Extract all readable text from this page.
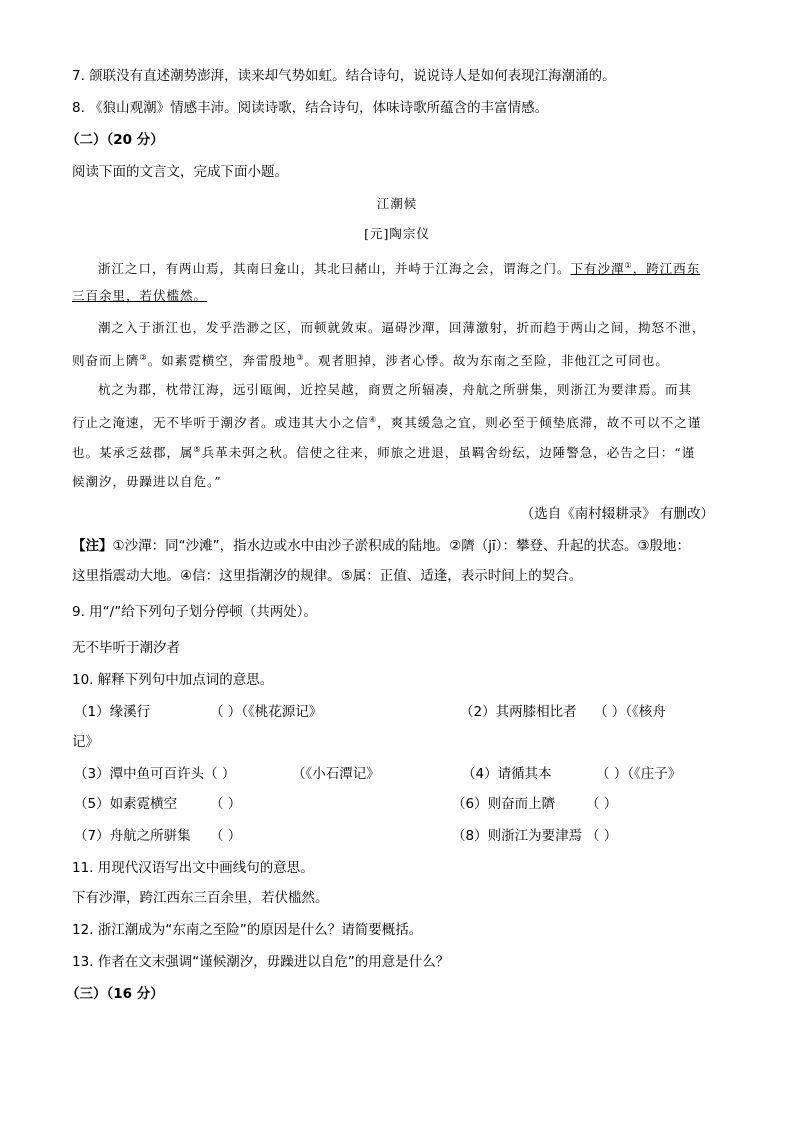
7. 颌联没有直述潮势澎湃，读来却气势如虹。结合诗句，说说诗人是如何表现江海潮涌的。
8. 《狼山观潮》情感丰沛。阅读诗歌，结合诗句，体味诗歌所蕴含的丰富情感。
（二）（20 分）
阅读下面的文言文，完成下面小题。
江潮候
[元]陶宗仪
浙江之口，有两山焉，其南曰龛山，其北曰赭山，并峙于江海之会，谓海之门。下有沙潬①，跨江西东
三百余里，若伏槛然。
潮之入于浙江也，发乎浩渺之区，而顿就敛束。逼碍沙潬，回薄激射，折而趋于两山之间，拗怒不泄，
则奋而上隮②。如素霓横空，奔雷殷地③。观者胆掉，涉者心悸。故为东南之至险，非他江之可同也。
杭之为郡，枕带江海，远引瓯闽，近控吴越，商贾之所辐凑，舟航之所骈集，则浙江为要津焉。而其
行止之淹速，无不毕听于潮汐者。或违其大小之信④，爽其缓急之宜，则必至于倾垫底滞，故不可以不之谨
也。某承乏兹郡，属⑤兵革未弭之秋。信使之往来，师旅之进退，虽羁舍纷纭，边陲警急，必告之曰：“谨
候潮汐，毋躁进以自危。”
（选自《南村辍耕录》 有删改）
【注】①沙潬：同“沙滩”，指水边或水中由沙子淤积成的陆地。②隮（jī）：攀登、升起的状态。③殷地：
这里指震动大地。④信：这里指潮汐的规律。⑤属：正值、适逢，表示时间上的契合。
9. 用“/”给下列句子划分停顿（共两处）。
无不毕听于潮汐者
10. 解释下列句中加点词的意思。
（1）缘溪行	（ ）（《桃花源记》	（2）其两膝相比者 （ ）（《核舟
记》
（3）潭中鱼可百许头（ ）	（《小石潭记》	（4）请循其本	（ ）（《庄子》
（5）如素霓横空 （ ）	（6）则奋而上隮 （ ）
（7）舟航之所骈集 （ ）	（8）则浙江为要津焉 （ ）
11. 用现代汉语写出文中画线句的意思。
下有沙潬，跨江西东三百余里，若伏槛然。
12. 浙江潮成为“东南之至险”的原因是什么？请简要概括。
13. 作者在文末强调“谨候潮汐，毋躁进以自危”的用意是什么？
（三）（16 分）
